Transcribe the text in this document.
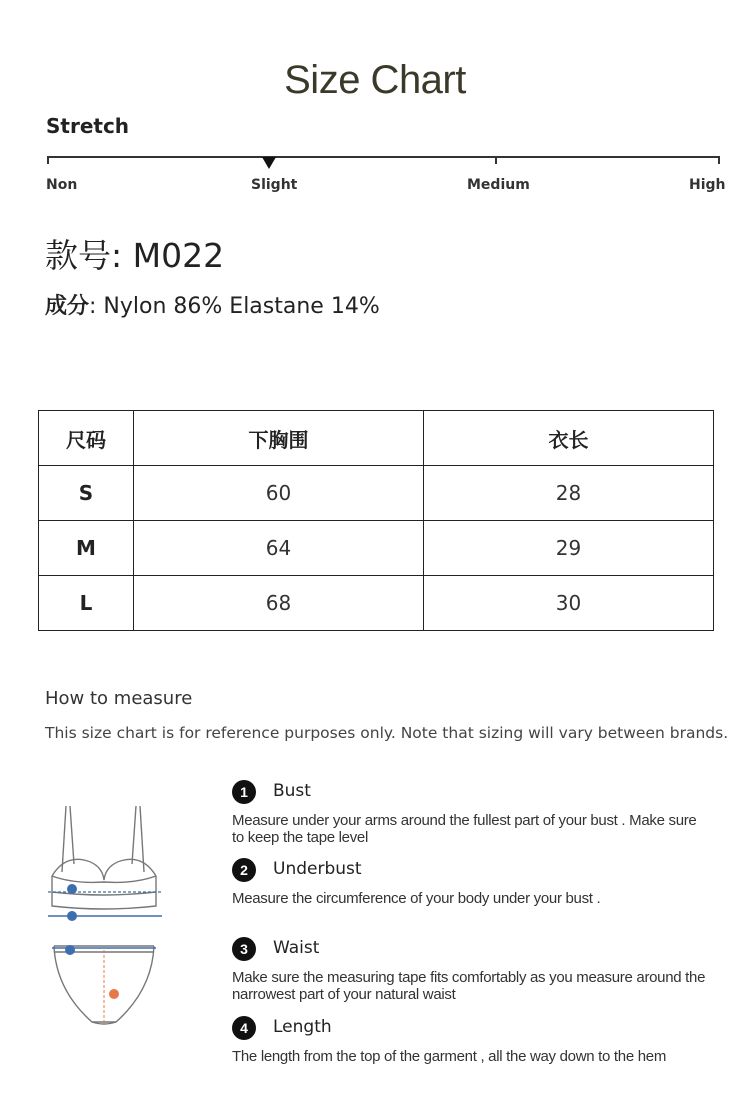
Size Chart
Stretch
Non	Slight	Medium	High
款号: M022
成分: Nylon 86% Elastane 14%
尺码	下胸围	衣长
S	60	28
M	64	29
L	68	30
How to measure
This size chart is for reference purposes only. Note that sizing will vary between brands.
1	Bust
Measure under your arms around the fullest part of your bust . Make sure to keep the tape level
2	Underbust
Measure the circumference of your body under your bust .
3	Waist
Make sure the measuring tape fits comfortably as you measure around the narrowest part of your natural waist
4	Length
The length from the top of the garment , all the way down to the hem
